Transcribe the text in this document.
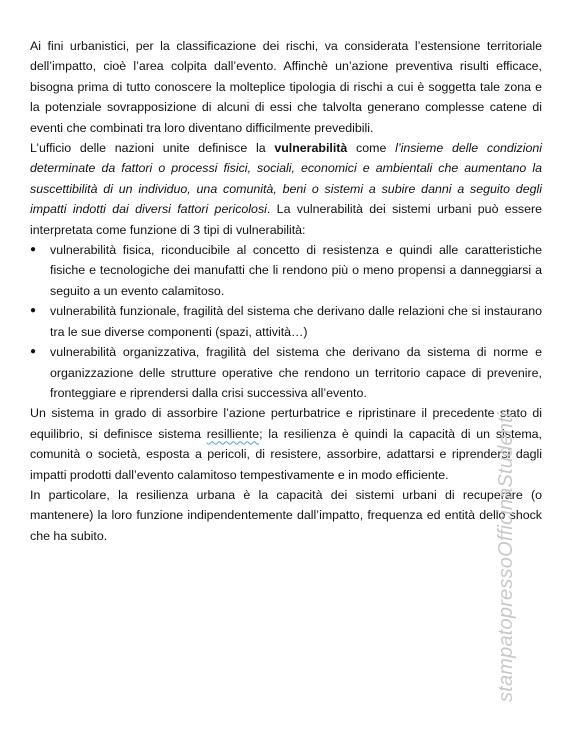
Ai fini urbanistici, per la classificazione dei rischi, va considerata l’estensione territoriale dell’impatto, cioè l’area colpita dall’evento. Affinchè un’azione preventiva risulti efficace, bisogna prima di tutto conoscere la molteplice tipologia di rischi a cui è soggetta tale zona e la potenziale sovrapposizione di alcuni di essi che talvolta generano complesse catene di eventi che combinati tra loro diventano difficilmente prevedibili.

L’ufficio delle nazioni unite definisce la vulnerabilità come l’insieme delle condizioni determinate da fattori o processi fisici, sociali, economici e ambientali che aumentano la suscettibilità di un individuo, una comunità, beni o sistemi a subire danni a seguito degli impatti indotti dai diversi fattori pericolosi. La vulnerabilità dei sistemi urbani può essere interpretata come funzione di 3 tipi di vulnerabilità:

● vulnerabilità fisica, riconducibile al concetto di resistenza e quindi alle caratteristiche fisiche e tecnologiche dei manufatti che li rendono più o meno propensi a danneggiarsi a seguito a un evento calamitoso.
● vulnerabilità funzionale, fragilità del sistema che derivano dalle relazioni che si instaurano tra le sue diverse componenti (spazi, attività…)
● vulnerabilità organizzativa, fragilità del sistema che derivano da sistema di norme e organizzazione delle strutture operative che rendono un territorio capace di prevenire, fronteggiare e riprendersi dalla crisi successiva all’evento.

Un sistema in grado di assorbire l’azione perturbatrice e ripristinare il precedente stato di equilibrio, si definisce sistema resilliente; la resilienza è quindi la capacità di un sistema, comunità o società, esposta a pericoli, di resistere, assorbire, adattarsi e riprendersi dagli impatti prodotti dall’evento calamitoso tempestivamente e in modo efficiente.

In particolare, la resilienza urbana è la capacità dei sistemi urbani di recuperare (o mantenere) la loro funzione indipendentemente dall’impatto, frequenza ed entità dello shock che ha subito.	stampatopressoOfficinaStudenti
